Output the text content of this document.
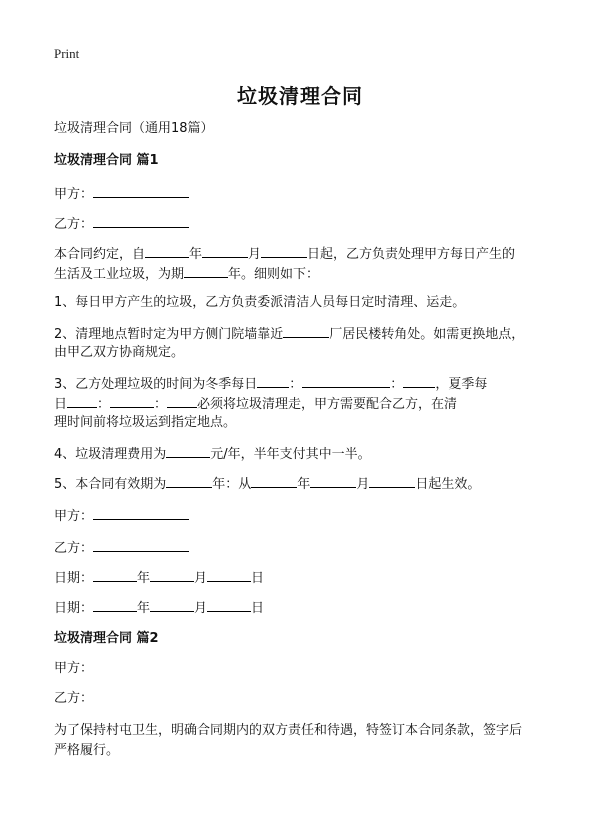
Print
垃圾清理合同
垃圾清理合同（通用18篇）
垃圾清理合同 篇1
甲方：
乙方：
本合同约定，自	年	月	日起，乙方负责处理甲方每日产生的
生活及工业垃圾，为期	年。细则如下：
1、每日甲方产生的垃圾，乙方负责委派清洁人员每日定时清理、运走。
2、清理地点暂时定为甲方侧门院墙靠近	厂居民楼转角处。如需更换地点，
由甲乙双方协商规定。
3、乙方处理垃圾的时间为冬季每日 ：	： ，夏季每
日 ：	： 必须将垃圾清理走，甲方需要配合乙方，在清
理时间前将垃圾运到指定地点。
4、垃圾清理费用为	元/年，半年支付其中一半。
5、本合同有效期为	年：从	年	月	日起生效。
甲方：
乙方：
日期：	年	月	日
日期：	年	月	日
垃圾清理合同 篇2
甲方：
乙方：
为了保持村屯卫生，明确合同期内的双方责任和待遇，特签订本合同条款，签字后
严格履行。
